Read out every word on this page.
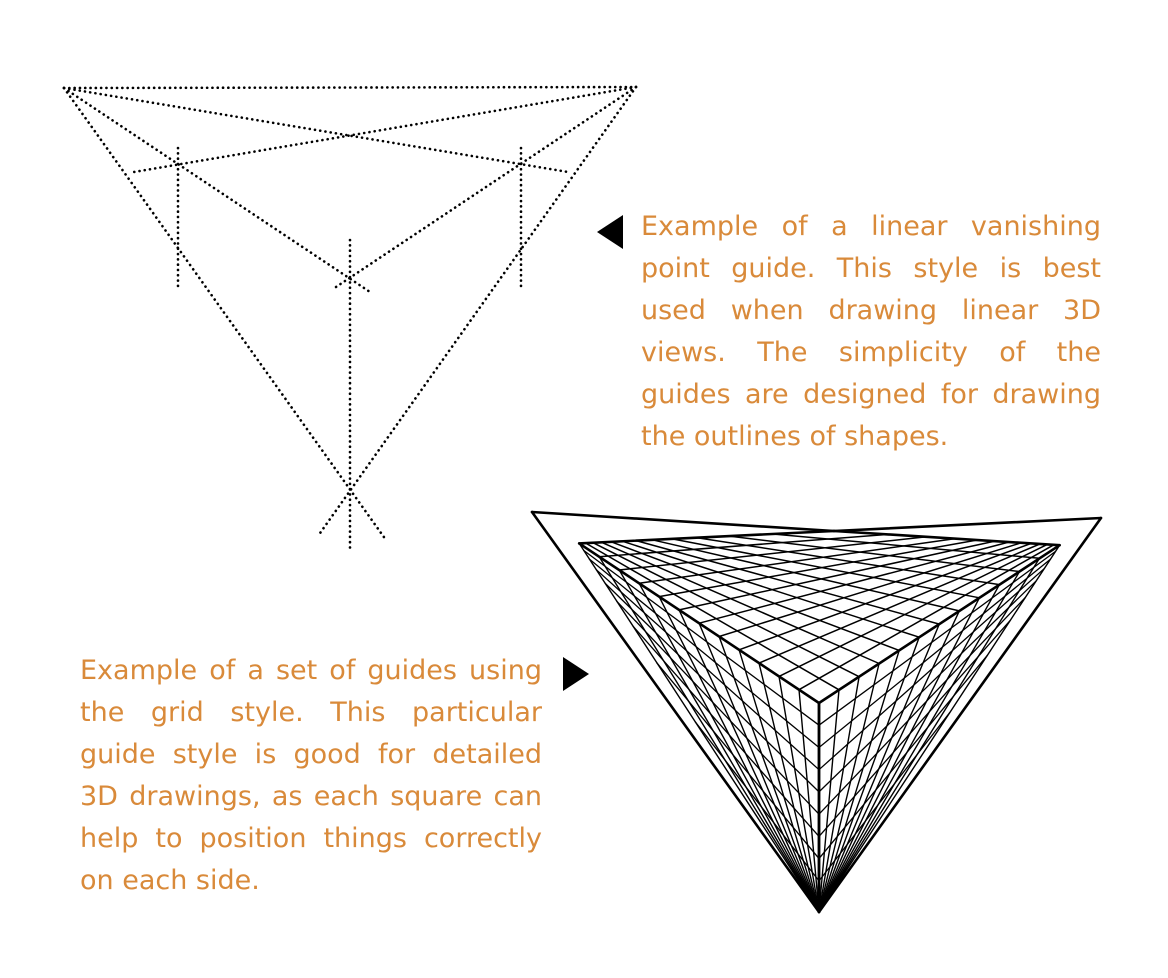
Example of a linear vanishing point guide. This style is best used when drawing linear 3D views. The simplicity of the guides are designed for drawing the outlines of shapes.

Example of a set of guides using the grid style. This particular guide style is good for detailed 3D drawings, as each square can help to position things correctly on each side.
